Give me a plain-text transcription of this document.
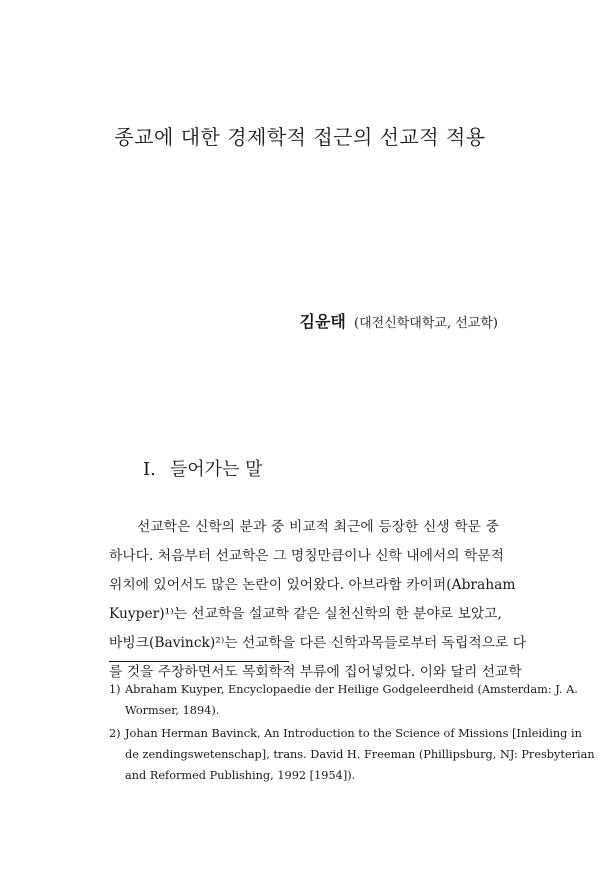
종교에 대한 경제학적 접근의 선교적 적용
김윤태 (대전신학대학교, 선교학)
Ⅰ. 들어가는 말
선교학은 신학의 분과 중 비교적 최근에 등장한 신생 학문 중
하나다. 처음부터 선교학은 그 명칭만큼이나 신학 내에서의 학문적
위치에 있어서도 많은 논란이 있어왔다. 아브라함 카이퍼(Abraham
Kuyper)¹⁾는 선교학을 설교학 같은 실천신학의 한 분야로 보았고,
바빙크(Bavinck)²⁾는 선교학을 다른 신학과목들로부터 독립적으로 다
를 것을 주장하면서도 목회학적 부류에 집어넣었다. 이와 달리 선교학
1) Abraham Kuyper, Encyclopaedie der Heilige Godgeleerdheid (Amsterdam: J. A.
Wormser, 1894).
2) Johan Herman Bavinck, An Introduction to the Science of Missions [Inleiding in
de zendingswetenschap], trans. David H. Freeman (Phillipsburg, NJ: Presbyterian
and Reformed Publishing, 1992 [1954]).
